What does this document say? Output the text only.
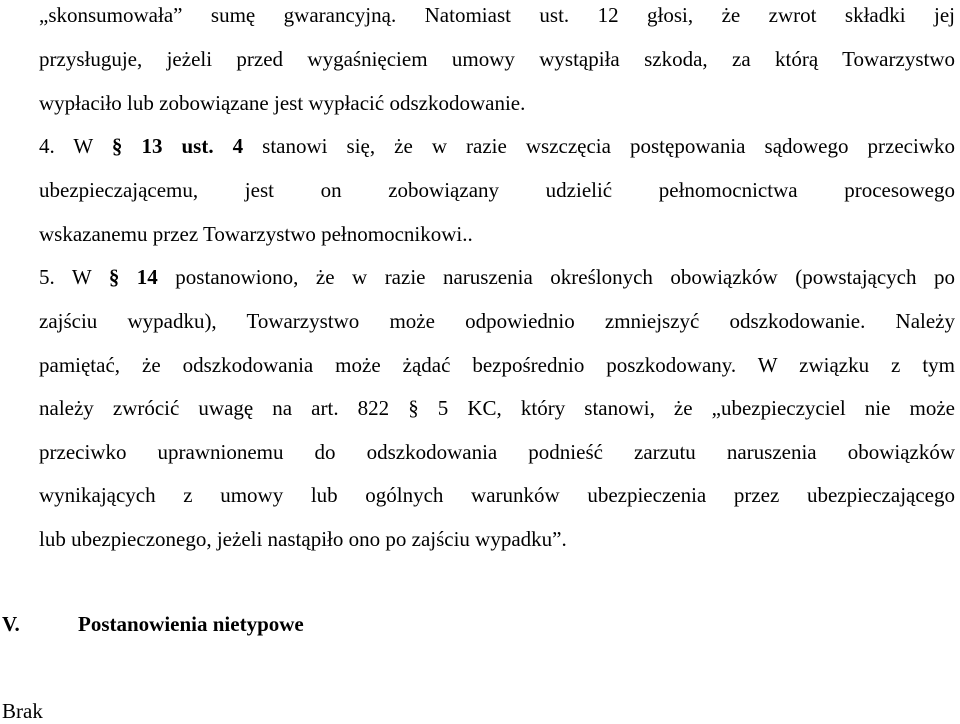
„skonsumowała” sumę gwarancyjną. Natomiast ust. 12 głosi, że zwrot składki jej
przysługuje, jeżeli przed wygaśnięciem umowy wystąpiła szkoda, za którą Towarzystwo
wypłaciło lub zobowiązane jest wypłacić odszkodowanie.
4. W § 13 ust. 4 stanowi się, że w razie wszczęcia postępowania sądowego przeciwko
ubezpieczającemu, jest on zobowiązany udzielić pełnomocnictwa procesowego
wskazanemu przez Towarzystwo pełnomocnikowi..
5. W § 14 postanowiono, że w razie naruszenia określonych obowiązków (powstających po
zajściu wypadku), Towarzystwo może odpowiednio zmniejszyć odszkodowanie. Należy
pamiętać, że odszkodowania może żądać bezpośrednio poszkodowany. W związku z tym
należy zwrócić uwagę na art. 822 § 5 KC, który stanowi, że „ubezpieczyciel nie może
przeciwko uprawnionemu do odszkodowania podnieść zarzutu naruszenia obowiązków
wynikających z umowy lub ogólnych warunków ubezpieczenia przez ubezpieczającego
lub ubezpieczonego, jeżeli nastąpiło ono po zajściu wypadku”.
V.	Postanowienia nietypowe
Brak
